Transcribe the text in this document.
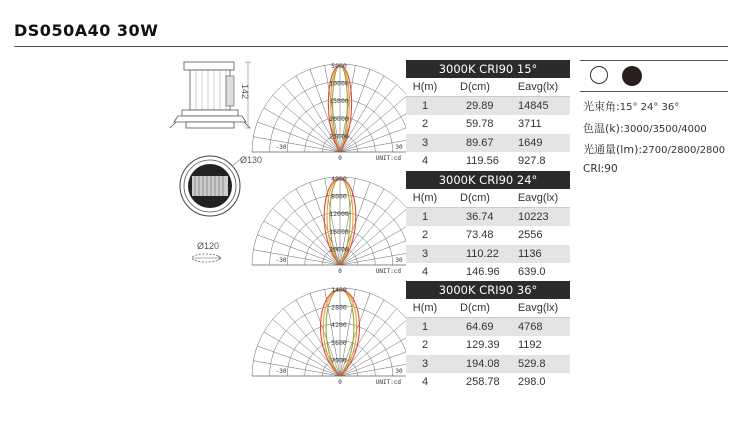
DS050A40 30W
142
Ø130
Ø120
5000
10000
15000
20000
25000
-30	30
0	UNIT:cd
4000
8000
12000
16000
20000
-30	30
0	UNIT:cd
1400
2800
4200
5600
7000
-30	30
0	UNIT:cd
3000K CRI90 15°
H(m)	D(cm)	Eavg(lx)
1	29.89	14845
2	59.78	3711
3	89.67	1649
4	119.56	927.8
3000K CRI90 24°
H(m)	D(cm)	Eavg(lx)
1	36.74	10223
2	73.48	2556
3	110.22	1136
4	146.96	639.0
3000K CRI90 36°
H(m)	D(cm)	Eavg(lx)
1	64.69	4768
2	129.39	1192
3	194.08	529.8
4	258.78	298.0
光束角:15° 24° 36°
色温(k):3000/3500/4000
光通量(lm):2700/2800/2800
CRI:90
